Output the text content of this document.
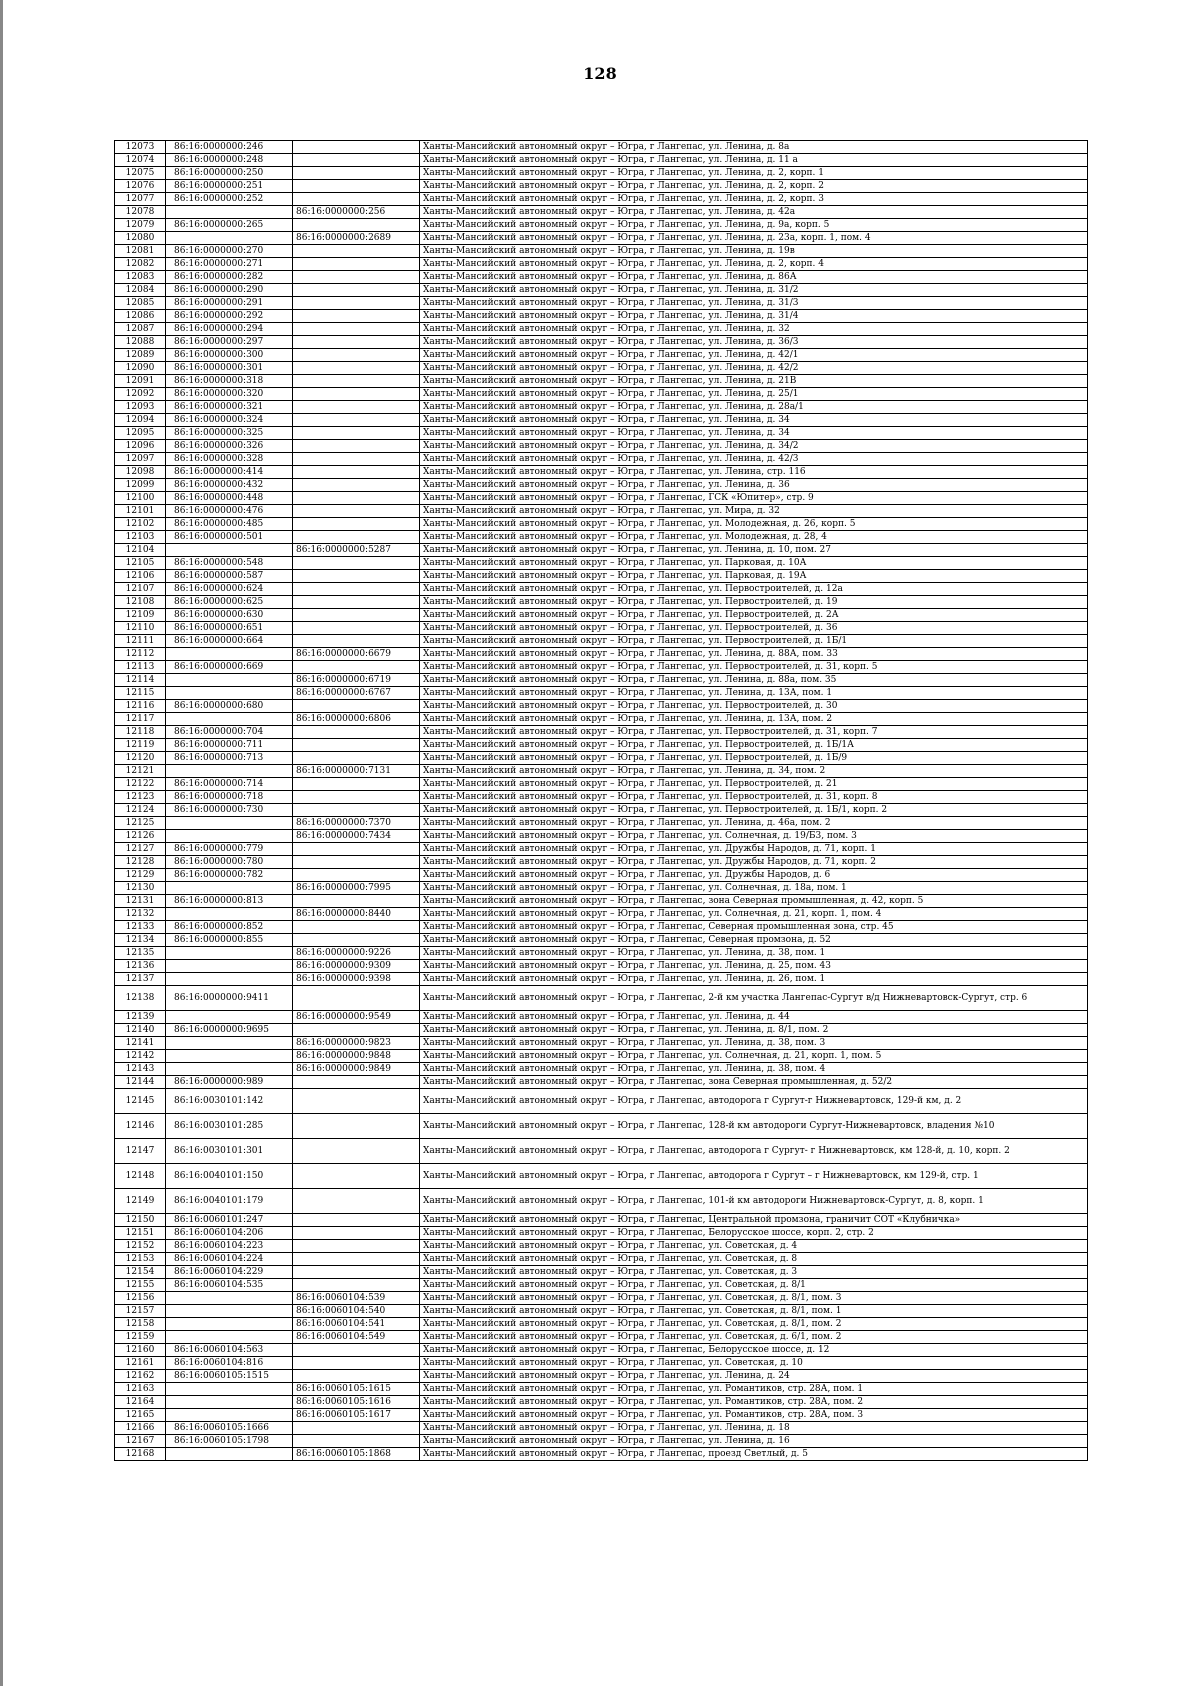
128
12073	86:16:0000000:246		Ханты-Мансийский автономный округ – Югра, г Лангепас, ул. Ленина, д. 8а
12074	86:16:0000000:248		Ханты-Мансийский автономный округ – Югра, г Лангепас, ул. Ленина, д. 11 а
12075	86:16:0000000:250		Ханты-Мансийский автономный округ – Югра, г Лангепас, ул. Ленина, д. 2, корп. 1
12076	86:16:0000000:251		Ханты-Мансийский автономный округ – Югра, г Лангепас, ул. Ленина, д. 2, корп. 2
12077	86:16:0000000:252		Ханты-Мансийский автономный округ – Югра, г Лангепас, ул. Ленина, д. 2, корп. 3
12078		86:16:0000000:256	Ханты-Мансийский автономный округ – Югра, г Лангепас, ул. Ленина, д. 42а
12079	86:16:0000000:265		Ханты-Мансийский автономный округ – Югра, г Лангепас, ул. Ленина, д. 9а, корп. 5
12080		86:16:0000000:2689	Ханты-Мансийский автономный округ – Югра, г Лангепас, ул. Ленина, д. 23а, корп. 1, пом. 4
12081	86:16:0000000:270		Ханты-Мансийский автономный округ – Югра, г Лангепас, ул. Ленина, д. 19в
12082	86:16:0000000:271		Ханты-Мансийский автономный округ – Югра, г Лангепас, ул. Ленина, д. 2, корп. 4
12083	86:16:0000000:282		Ханты-Мансийский автономный округ – Югра, г Лангепас, ул. Ленина, д. 86А
12084	86:16:0000000:290		Ханты-Мансийский автономный округ – Югра, г Лангепас, ул. Ленина, д. 31/2
12085	86:16:0000000:291		Ханты-Мансийский автономный округ – Югра, г Лангепас, ул. Ленина, д. 31/3
12086	86:16:0000000:292		Ханты-Мансийский автономный округ – Югра, г Лангепас, ул. Ленина, д. 31/4
12087	86:16:0000000:294		Ханты-Мансийский автономный округ – Югра, г Лангепас, ул. Ленина, д. 32
12088	86:16:0000000:297		Ханты-Мансийский автономный округ – Югра, г Лангепас, ул. Ленина, д. 36/3
12089	86:16:0000000:300		Ханты-Мансийский автономный округ – Югра, г Лангепас, ул. Ленина, д. 42/1
12090	86:16:0000000:301		Ханты-Мансийский автономный округ – Югра, г Лангепас, ул. Ленина, д. 42/2
12091	86:16:0000000:318		Ханты-Мансийский автономный округ – Югра, г Лангепас, ул. Ленина, д. 21В
12092	86:16:0000000:320		Ханты-Мансийский автономный округ – Югра, г Лангепас, ул. Ленина, д. 25/1
12093	86:16:0000000:321		Ханты-Мансийский автономный округ – Югра, г Лангепас, ул. Ленина, д. 28а/1
12094	86:16:0000000:324		Ханты-Мансийский автономный округ – Югра, г Лангепас, ул. Ленина, д. 34
12095	86:16:0000000:325		Ханты-Мансийский автономный округ – Югра, г Лангепас, ул. Ленина, д. 34
12096	86:16:0000000:326		Ханты-Мансийский автономный округ – Югра, г Лангепас, ул. Ленина, д. 34/2
12097	86:16:0000000:328		Ханты-Мансийский автономный округ – Югра, г Лангепас, ул. Ленина, д. 42/3
12098	86:16:0000000:414		Ханты-Мансийский автономный округ – Югра, г Лангепас, ул. Ленина, стр. 116
12099	86:16:0000000:432		Ханты-Мансийский автономный округ – Югра, г Лангепас, ул. Ленина, д. 36
12100	86:16:0000000:448		Ханты-Мансийский автономный округ – Югра, г Лангепас, ГСК «Юпитер», стр. 9
12101	86:16:0000000:476		Ханты-Мансийский автономный округ – Югра, г Лангепас, ул. Мира, д. 32
12102	86:16:0000000:485		Ханты-Мансийский автономный округ – Югра, г Лангепас, ул. Молодежная, д. 26, корп. 5
12103	86:16:0000000:501		Ханты-Мансийский автономный округ – Югра, г Лангепас, ул. Молодежная, д. 28, 4
12104		86:16:0000000:5287	Ханты-Мансийский автономный округ – Югра, г Лангепас, ул. Ленина, д. 10, пом. 27
12105	86:16:0000000:548		Ханты-Мансийский автономный округ – Югра, г Лангепас, ул. Парковая, д. 10А
12106	86:16:0000000:587		Ханты-Мансийский автономный округ – Югра, г Лангепас, ул. Парковая, д. 19А
12107	86:16:0000000:624		Ханты-Мансийский автономный округ – Югра, г Лангепас, ул. Первостроителей, д. 12а
12108	86:16:0000000:625		Ханты-Мансийский автономный округ – Югра, г Лангепас, ул. Первостроителей, д. 19
12109	86:16:0000000:630		Ханты-Мансийский автономный округ – Югра, г Лангепас, ул. Первостроителей, д. 2А
12110	86:16:0000000:651		Ханты-Мансийский автономный округ – Югра, г Лангепас, ул. Первостроителей, д. 36
12111	86:16:0000000:664		Ханты-Мансийский автономный округ – Югра, г Лангепас, ул. Первостроителей, д. 1Б/1
12112		86:16:0000000:6679	Ханты-Мансийский автономный округ – Югра, г Лангепас, ул. Ленина, д. 88А, пом. 33
12113	86:16:0000000:669		Ханты-Мансийский автономный округ – Югра, г Лангепас, ул. Первостроителей, д. 31, корп. 5
12114		86:16:0000000:6719	Ханты-Мансийский автономный округ – Югра, г Лангепас, ул. Ленина, д. 88а, пом. 35
12115		86:16:0000000:6767	Ханты-Мансийский автономный округ – Югра, г Лангепас, ул. Ленина, д. 13А, пом. 1
12116	86:16:0000000:680		Ханты-Мансийский автономный округ – Югра, г Лангепас, ул. Первостроителей, д. 30
12117		86:16:0000000:6806	Ханты-Мансийский автономный округ – Югра, г Лангепас, ул. Ленина, д. 13А, пом. 2
12118	86:16:0000000:704		Ханты-Мансийский автономный округ – Югра, г Лангепас, ул. Первостроителей, д. 31, корп. 7
12119	86:16:0000000:711		Ханты-Мансийский автономный округ – Югра, г Лангепас, ул. Первостроителей, д. 1Б/1А
12120	86:16:0000000:713		Ханты-Мансийский автономный округ – Югра, г Лангепас, ул. Первостроителей, д. 1Б/9
12121		86:16:0000000:7131	Ханты-Мансийский автономный округ – Югра, г Лангепас, ул. Ленина, д. 34, пом. 2
12122	86:16:0000000:714		Ханты-Мансийский автономный округ – Югра, г Лангепас, ул. Первостроителей, д. 21
12123	86:16:0000000:718		Ханты-Мансийский автономный округ – Югра, г Лангепас, ул. Первостроителей, д. 31, корп. 8
12124	86:16:0000000:730		Ханты-Мансийский автономный округ – Югра, г Лангепас, ул. Первостроителей, д. 1Б/1, корп. 2
12125		86:16:0000000:7370	Ханты-Мансийский автономный округ – Югра, г Лангепас, ул. Ленина, д. 46а, пом. 2
12126		86:16:0000000:7434	Ханты-Мансийский автономный округ – Югра, г Лангепас, ул. Солнечная, д. 19/Б3, пом. 3
12127	86:16:0000000:779		Ханты-Мансийский автономный округ – Югра, г Лангепас, ул. Дружбы Народов, д. 71, корп. 1
12128	86:16:0000000:780		Ханты-Мансийский автономный округ – Югра, г Лангепас, ул. Дружбы Народов, д. 71, корп. 2
12129	86:16:0000000:782		Ханты-Мансийский автономный округ – Югра, г Лангепас, ул. Дружбы Народов, д. 6
12130		86:16:0000000:7995	Ханты-Мансийский автономный округ – Югра, г Лангепас, ул. Солнечная, д. 18а, пом. 1
12131	86:16:0000000:813		Ханты-Мансийский автономный округ – Югра, г Лангепас, зона Северная промышленная, д. 42, корп. 5
12132		86:16:0000000:8440	Ханты-Мансийский автономный округ – Югра, г Лангепас, ул. Солнечная, д. 21, корп. 1, пом. 4
12133	86:16:0000000:852		Ханты-Мансийский автономный округ – Югра, г Лангепас, Северная промышленная зона, стр. 45
12134	86:16:0000000:855		Ханты-Мансийский автономный округ – Югра, г Лангепас, Северная промзона, д. 52
12135		86:16:0000000:9226	Ханты-Мансийский автономный округ – Югра, г Лангепас, ул. Ленина, д. 38, пом. 1
12136		86:16:0000000:9309	Ханты-Мансийский автономный округ – Югра, г Лангепас, ул. Ленина, д. 25, пом. 43
12137		86:16:0000000:9398	Ханты-Мансийский автономный округ – Югра, г Лангепас, ул. Ленина, д. 26, пом. 1
12138	86:16:0000000:9411		Ханты-Мансийский автономный округ – Югра, г Лангепас, 2-й км участка Лангепас-Сургут в/д Нижневартовск-Сургут, стр. 6
12139		86:16:0000000:9549	Ханты-Мансийский автономный округ – Югра, г Лангепас, ул. Ленина, д. 44
12140	86:16:0000000:9695		Ханты-Мансийский автономный округ – Югра, г Лангепас, ул. Ленина, д. 8/1, пом. 2
12141		86:16:0000000:9823	Ханты-Мансийский автономный округ – Югра, г Лангепас, ул. Ленина, д. 38, пом. 3
12142		86:16:0000000:9848	Ханты-Мансийский автономный округ – Югра, г Лангепас, ул. Солнечная, д. 21, корп. 1, пом. 5
12143		86:16:0000000:9849	Ханты-Мансийский автономный округ – Югра, г Лангепас, ул. Ленина, д. 38, пом. 4
12144	86:16:0000000:989		Ханты-Мансийский автономный округ – Югра, г Лангепас, зона Северная промышленная, д. 52/2
12145	86:16:0030101:142		Ханты-Мансийский автономный округ – Югра, г Лангепас, автодорога г Сургут-г Нижневартовск, 129-й км, д. 2
12146	86:16:0030101:285		Ханты-Мансийский автономный округ – Югра, г Лангепас, 128-й км автодороги Сургут-Нижневартовск, владения №10
12147	86:16:0030101:301		Ханты-Мансийский автономный округ – Югра, г Лангепас, автодорога г Сургут- г Нижневартовск, км 128-й, д. 10, корп. 2
12148	86:16:0040101:150		Ханты-Мансийский автономный округ – Югра, г Лангепас, автодорога г Сургут – г Нижневартовск, км 129-й, стр. 1
12149	86:16:0040101:179		Ханты-Мансийский автономный округ – Югра, г Лангепас, 101-й км автодороги Нижневартовск-Сургут, д. 8, корп. 1
12150	86:16:0060101:247		Ханты-Мансийский автономный округ – Югра, г Лангепас, Центральной промзона, граничит СОТ «Клубничка»
12151	86:16:0060104:206		Ханты-Мансийский автономный округ – Югра, г Лангепас, Белорусское шоссе, корп. 2, стр. 2
12152	86:16:0060104:223		Ханты-Мансийский автономный округ – Югра, г Лангепас, ул. Советская, д. 4
12153	86:16:0060104:224		Ханты-Мансийский автономный округ – Югра, г Лангепас, ул. Советская, д. 8
12154	86:16:0060104:229		Ханты-Мансийский автономный округ – Югра, г Лангепас, ул. Советская, д. 3
12155	86:16:0060104:535		Ханты-Мансийский автономный округ – Югра, г Лангепас, ул. Советская, д. 8/1
12156		86:16:0060104:539	Ханты-Мансийский автономный округ – Югра, г Лангепас, ул. Советская, д. 8/1, пом. 3
12157		86:16:0060104:540	Ханты-Мансийский автономный округ – Югра, г Лангепас, ул. Советская, д. 8/1, пом. 1
12158		86:16:0060104:541	Ханты-Мансийский автономный округ – Югра, г Лангепас, ул. Советская, д. 8/1, пом. 2
12159		86:16:0060104:549	Ханты-Мансийский автономный округ – Югра, г Лангепас, ул. Советская, д. 6/1, пом. 2
12160	86:16:0060104:563		Ханты-Мансийский автономный округ – Югра, г Лангепас, Белорусское шоссе, д. 12
12161	86:16:0060104:816		Ханты-Мансийский автономный округ – Югра, г Лангепас, ул. Советская, д. 10
12162	86:16:0060105:1515		Ханты-Мансийский автономный округ – Югра, г Лангепас, ул. Ленина, д. 24
12163		86:16:0060105:1615	Ханты-Мансийский автономный округ – Югра, г Лангепас, ул. Романтиков, стр. 28А, пом. 1
12164		86:16:0060105:1616	Ханты-Мансийский автономный округ – Югра, г Лангепас, ул. Романтиков, стр. 28А, пом. 2
12165		86:16:0060105:1617	Ханты-Мансийский автономный округ – Югра, г Лангепас, ул. Романтиков, стр. 28А, пом. 3
12166	86:16:0060105:1666		Ханты-Мансийский автономный округ – Югра, г Лангепас, ул. Ленина, д. 18
12167	86:16:0060105:1798		Ханты-Мансийский автономный округ – Югра, г Лангепас, ул. Ленина, д. 16
12168		86:16:0060105:1868	Ханты-Мансийский автономный округ – Югра, г Лангепас, проезд Светлый, д. 5
